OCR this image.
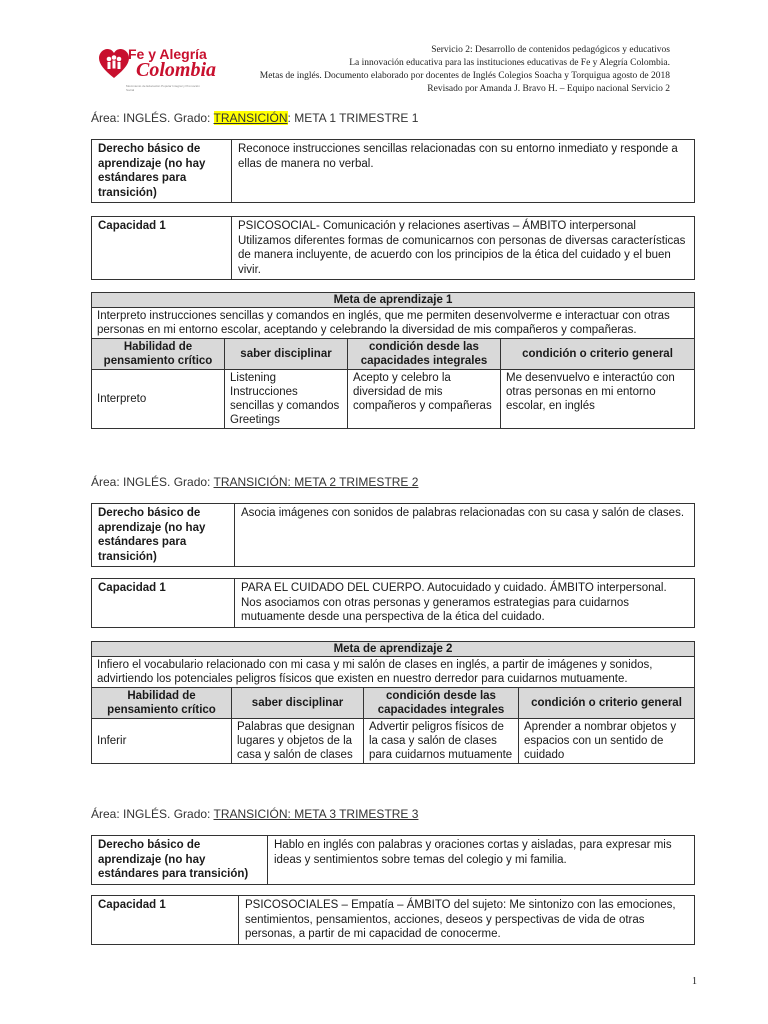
Fe y Alegría
Colombia
Movimiento de Educación Popular Integral y Promoción Social
Servicio 2: Desarrollo de contenidos pedagógicos y educativos
La innovación educativa para las instituciones educativas de Fe y Alegría Colombia.
Metas de inglés. Documento elaborado por docentes de Inglés Colegios Soacha y Torquigua agosto de 2018
Revisado por Amanda J. Bravo H. – Equipo nacional Servicio 2
Área: INGLÉS. Grado: TRANSICIÓN: META 1 TRIMESTRE 1
Derecho básico de aprendizaje (no hay estándares para transición)	Reconoce instrucciones sencillas relacionadas con su entorno inmediato y responde a ellas de manera no verbal.
Capacidad 1	PSICOSOCIAL- Comunicación y relaciones asertivas – ÁMBITO interpersonal Utilizamos diferentes formas de comunicarnos con personas de diversas características de manera incluyente, de acuerdo con los principios de la ética del cuidado y el buen vivir.
Meta de aprendizaje 1			
Interpreto instrucciones sencillas y comandos en inglés, que me permiten desenvolverme e interactuar con otras personas en mi entorno escolar, aceptando y celebrando la diversidad de mis compañeros y compañeras.			
Habilidad de pensamiento crítico	saber disciplinar	condición desde las capacidades integrales	condición o criterio general
Interpreto	Listening Instrucciones sencillas y comandos Greetings	Acepto y celebro la diversidad de mis compañeros y compañeras	Me desenvuelvo e interactúo con otras personas en mi entorno escolar, en inglés
Área: INGLÉS. Grado: TRANSICIÓN: META 2 TRIMESTRE 2
Derecho básico de aprendizaje (no hay estándares para transición)	Asocia imágenes con sonidos de palabras relacionadas con su casa y salón de clases.
Capacidad 1	PARA EL CUIDADO DEL CUERPO. Autocuidado y cuidado. ÁMBITO interpersonal. Nos asociamos con otras personas y generamos estrategias para cuidarnos mutuamente desde una perspectiva de la ética del cuidado.
Meta de aprendizaje 2			
Infiero el vocabulario relacionado con mi casa y mi salón de clases en inglés, a partir de imágenes y sonidos, advirtiendo los potenciales peligros físicos que existen en nuestro derredor para cuidarnos mutuamente.			
Habilidad de pensamiento crítico	saber disciplinar	condición desde las capacidades integrales	condición o criterio general
Inferir	Palabras que designan lugares y objetos de la casa y salón de clases	Advertir peligros físicos de la casa y salón de clases para cuidarnos mutuamente	Aprender a nombrar objetos y espacios con un sentido de cuidado
Área: INGLÉS. Grado: TRANSICIÓN: META 3 TRIMESTRE 3
Derecho básico de aprendizaje (no hay estándares para transición)	Hablo en inglés con palabras y oraciones cortas y aisladas, para expresar mis ideas y sentimientos sobre temas del colegio y mi familia.
Capacidad 1	PSICOSOCIALES – Empatía – ÁMBITO del sujeto: Me sintonizo con las emociones, sentimientos, pensamientos, acciones, deseos y perspectivas de vida de otras personas, a partir de mi capacidad de conocerme.
1
